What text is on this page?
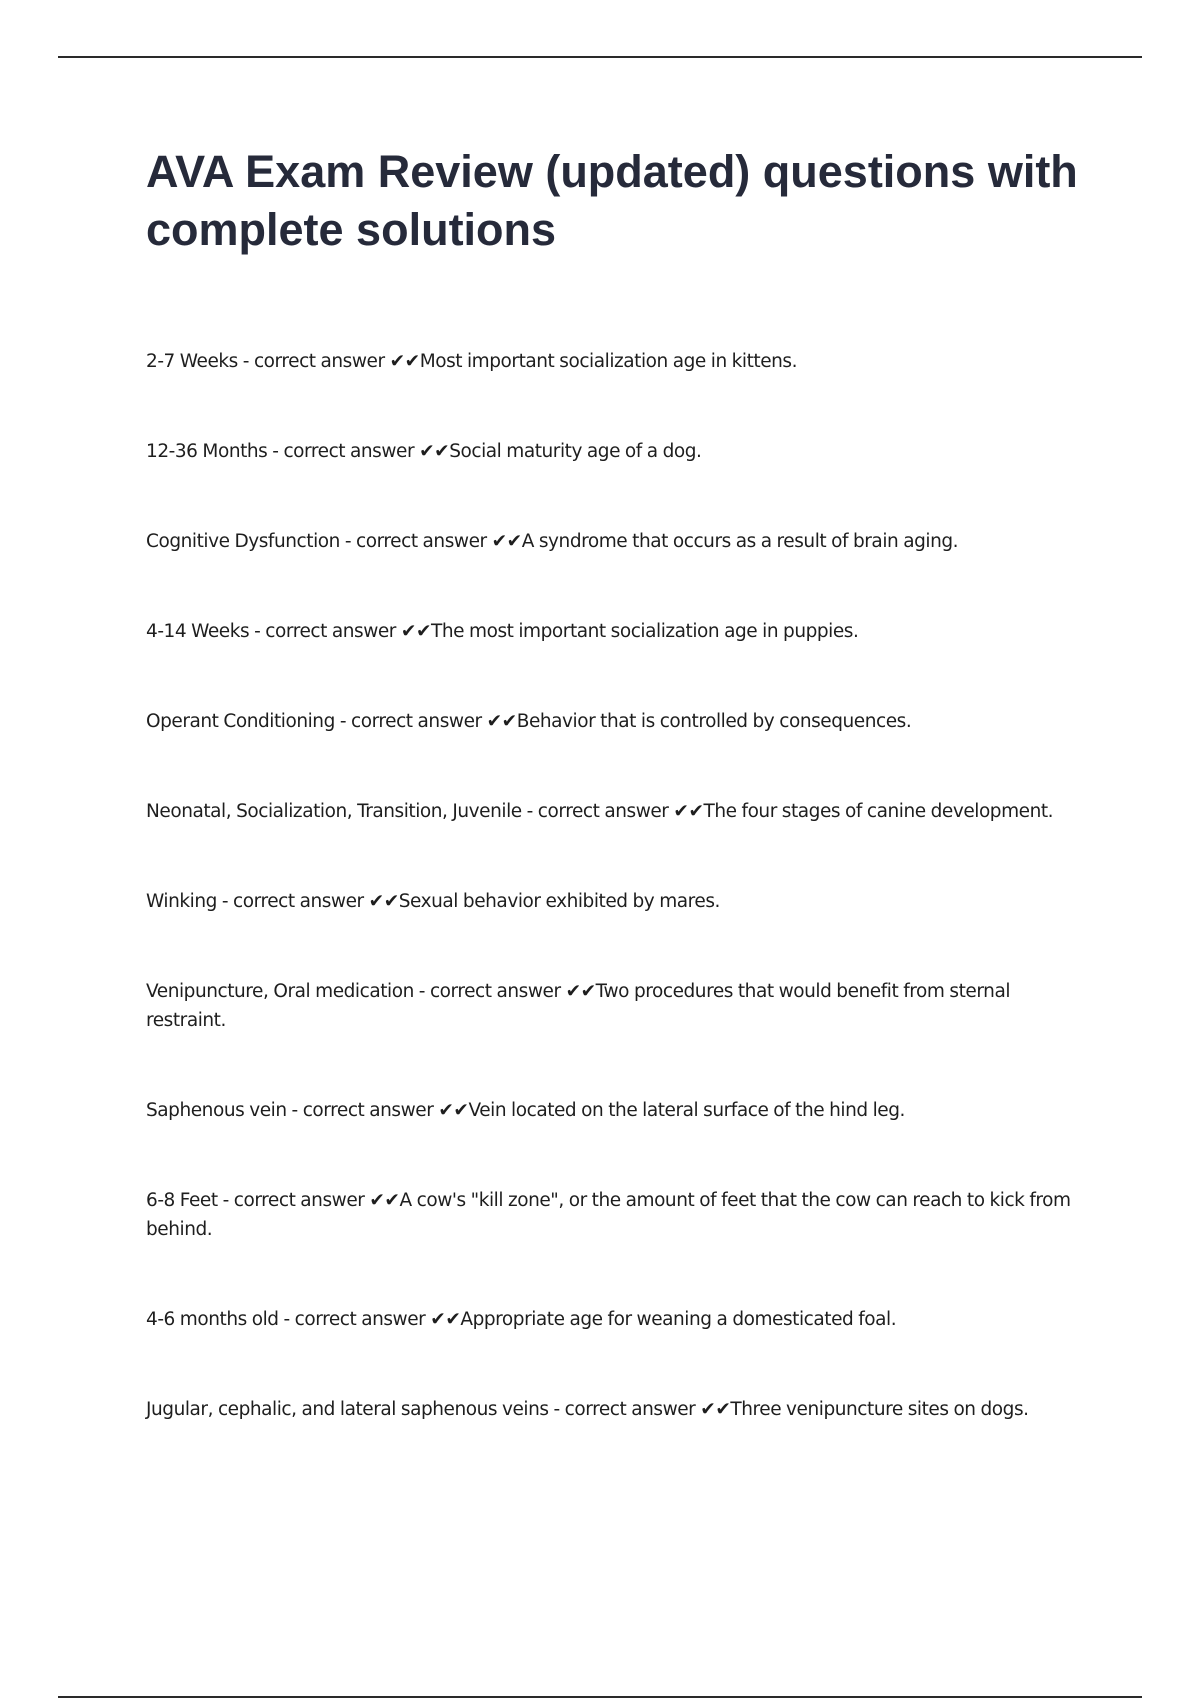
AVA Exam Review (updated) questions with complete solutions
2-7 Weeks - correct answer ✔✔Most important socialization age in kittens.
12-36 Months - correct answer ✔✔Social maturity age of a dog.
Cognitive Dysfunction - correct answer ✔✔A syndrome that occurs as a result of brain aging.
4-14 Weeks - correct answer ✔✔The most important socialization age in puppies.
Operant Conditioning - correct answer ✔✔Behavior that is controlled by consequences.
Neonatal, Socialization, Transition, Juvenile - correct answer ✔✔The four stages of canine development.
Winking - correct answer ✔✔Sexual behavior exhibited by mares.
Venipuncture, Oral medication - correct answer ✔✔Two procedures that would benefit from sternal restraint.
Saphenous vein - correct answer ✔✔Vein located on the lateral surface of the hind leg.
6-8 Feet - correct answer ✔✔A cow's "kill zone", or the amount of feet that the cow can reach to kick from behind.
4-6 months old - correct answer ✔✔Appropriate age for weaning a domesticated foal.
Jugular, cephalic, and lateral saphenous veins - correct answer ✔✔Three venipuncture sites on dogs.
